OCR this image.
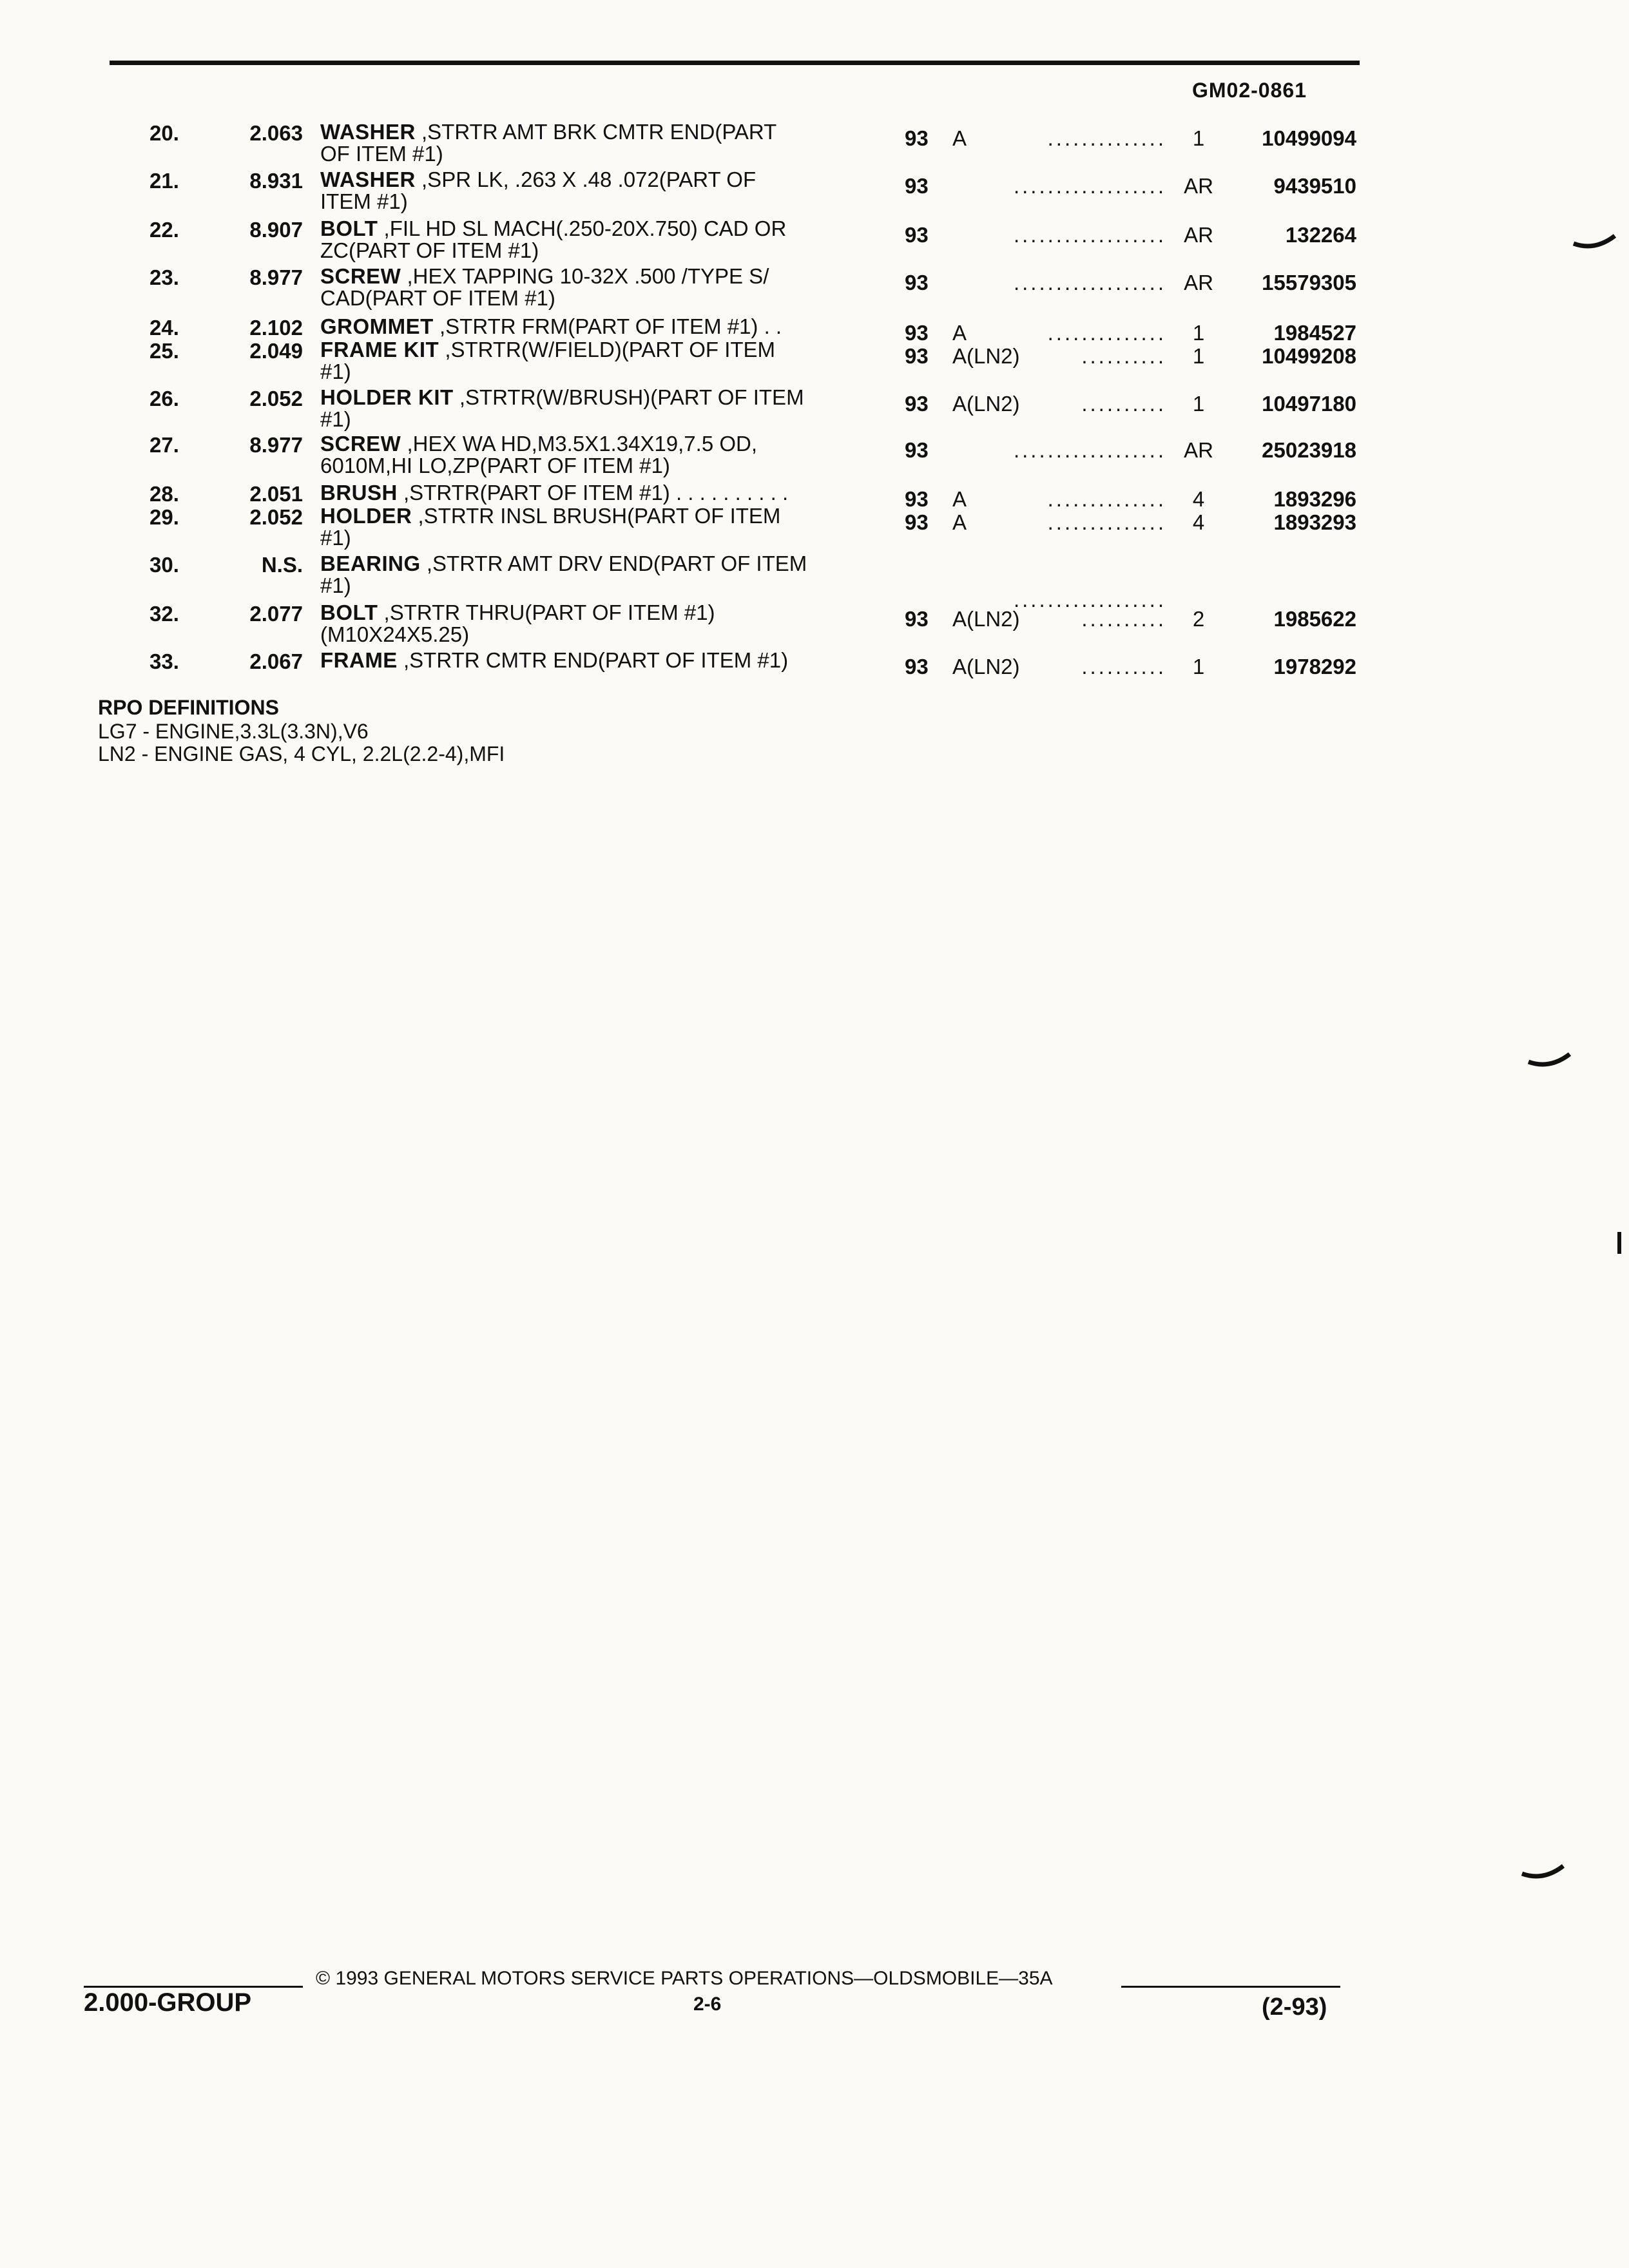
GM02-0861
20.	2.063 WASHER ,STRTR AMT BRK CMTR END(PART
OF ITEM #1)
93 A	..............	1	10499094
21.	8.931 WASHER ,SPR LK, .263 X .48 .072(PART OF
ITEM #1)
93	.................. AR	9439510
22.	8.907 BOLT ,FIL HD SL MACH(.250-20X.750) CAD OR
ZC(PART OF ITEM #1)
93	.................. AR	132264
23.	8.977 SCREW ,HEX TAPPING 10-32X .500 /TYPE S/
CAD(PART OF ITEM #1)
93	.................. AR	15579305
24.	2.102 GROMMET ,STRTR FRM(PART OF ITEM #1) . .	93 A	..............	1	1984527
25.	2.049 FRAME KIT ,STRTR(W/FIELD)(PART OF ITEM
#1)
93 A(LN2)	..........	1	10499208
26.	2.052 HOLDER KIT ,STRTR(W/BRUSH)(PART OF ITEM
#1)
93 A(LN2)	..........	1	10497180
27.	8.977 SCREW ,HEX WA HD,M3.5X1.34X19,7.5 OD,
6010M,HI LO,ZP(PART OF ITEM #1)
93	.................. AR	25023918
28.	2.051 BRUSH ,STRTR(PART OF ITEM #1) . . . . . . . . . .	93 A	..............	4	1893296
29.	2.052 HOLDER ,STRTR INSL BRUSH(PART OF ITEM
#1)
93 A	..............	4	1893293
30.	N.S. BEARING ,STRTR AMT DRV END(PART OF ITEM
#1)
..................
32.	2.077 BOLT ,STRTR THRU(PART OF ITEM #1)
(M10X24X5.25)
93 A(LN2)	..........	2	1985622
33.	2.067 FRAME ,STRTR CMTR END(PART OF ITEM #1)	93 A(LN2)	..........	1	1978292
RPO DEFINITIONS
LG7 - ENGINE,3.3L(3.3N),V6
LN2 - ENGINE GAS, 4 CYL, 2.2L(2.2-4),MFI
2.000-GROUP
© 1993 GENERAL MOTORS SERVICE PARTS OPERATIONS—OLDSMOBILE—35A
2-6	(2-93)
